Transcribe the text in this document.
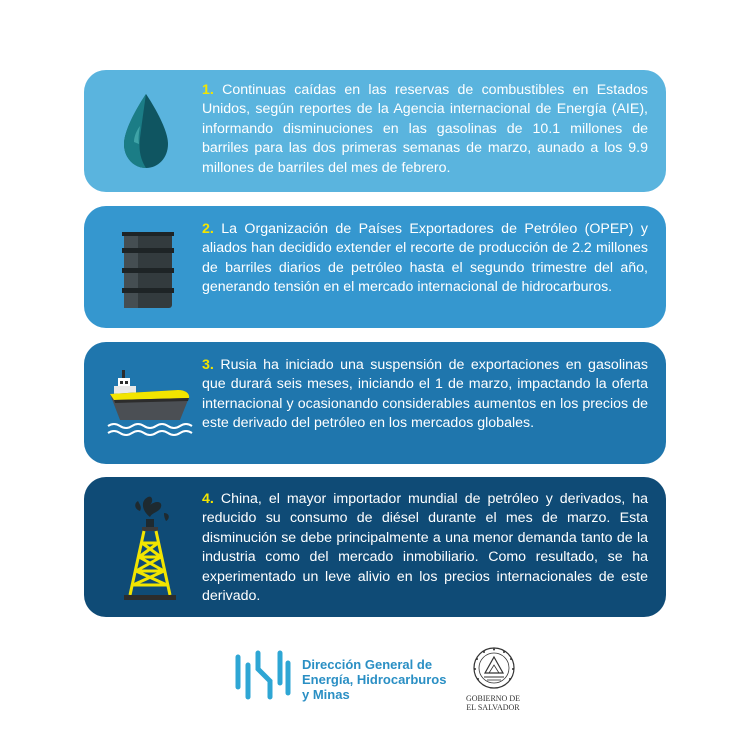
1. Continuas caídas en las reservas de combustibles en Estados Unidos, según reportes de la Agencia internacional de Energía (AIE), informando disminuciones en las gasolinas de 10.1 millones de barriles para las dos primeras semanas de marzo, aunado a los 9.9 millones de barriles del mes de febrero.
2. La Organización de Países Exportadores de Petróleo (OPEP) y aliados han decidido extender el recorte de producción de 2.2 millones de barriles diarios de petróleo hasta el segundo trimestre del año, generando tensión en el mercado internacional de hidrocarburos.
3. Rusia ha iniciado una suspensión de exportaciones en gasolinas que durará seis meses, iniciando el 1 de marzo, impactando la oferta internacional y ocasionando considerables aumentos en los precios de este derivado del petróleo en los mercados globales.
4. China, el mayor importador mundial de petróleo y derivados, ha reducido su consumo de diésel durante el mes de marzo. Esta disminución se debe principalmente a una menor demanda tanto de la industria como del mercado inmobiliario. Como resultado, se ha experimentado un leve alivio en los precios internacionales de este derivado.
Dirección General de
Energía, Hidrocarburos
y Minas	GOBIERNO DE
EL SALVADOR
